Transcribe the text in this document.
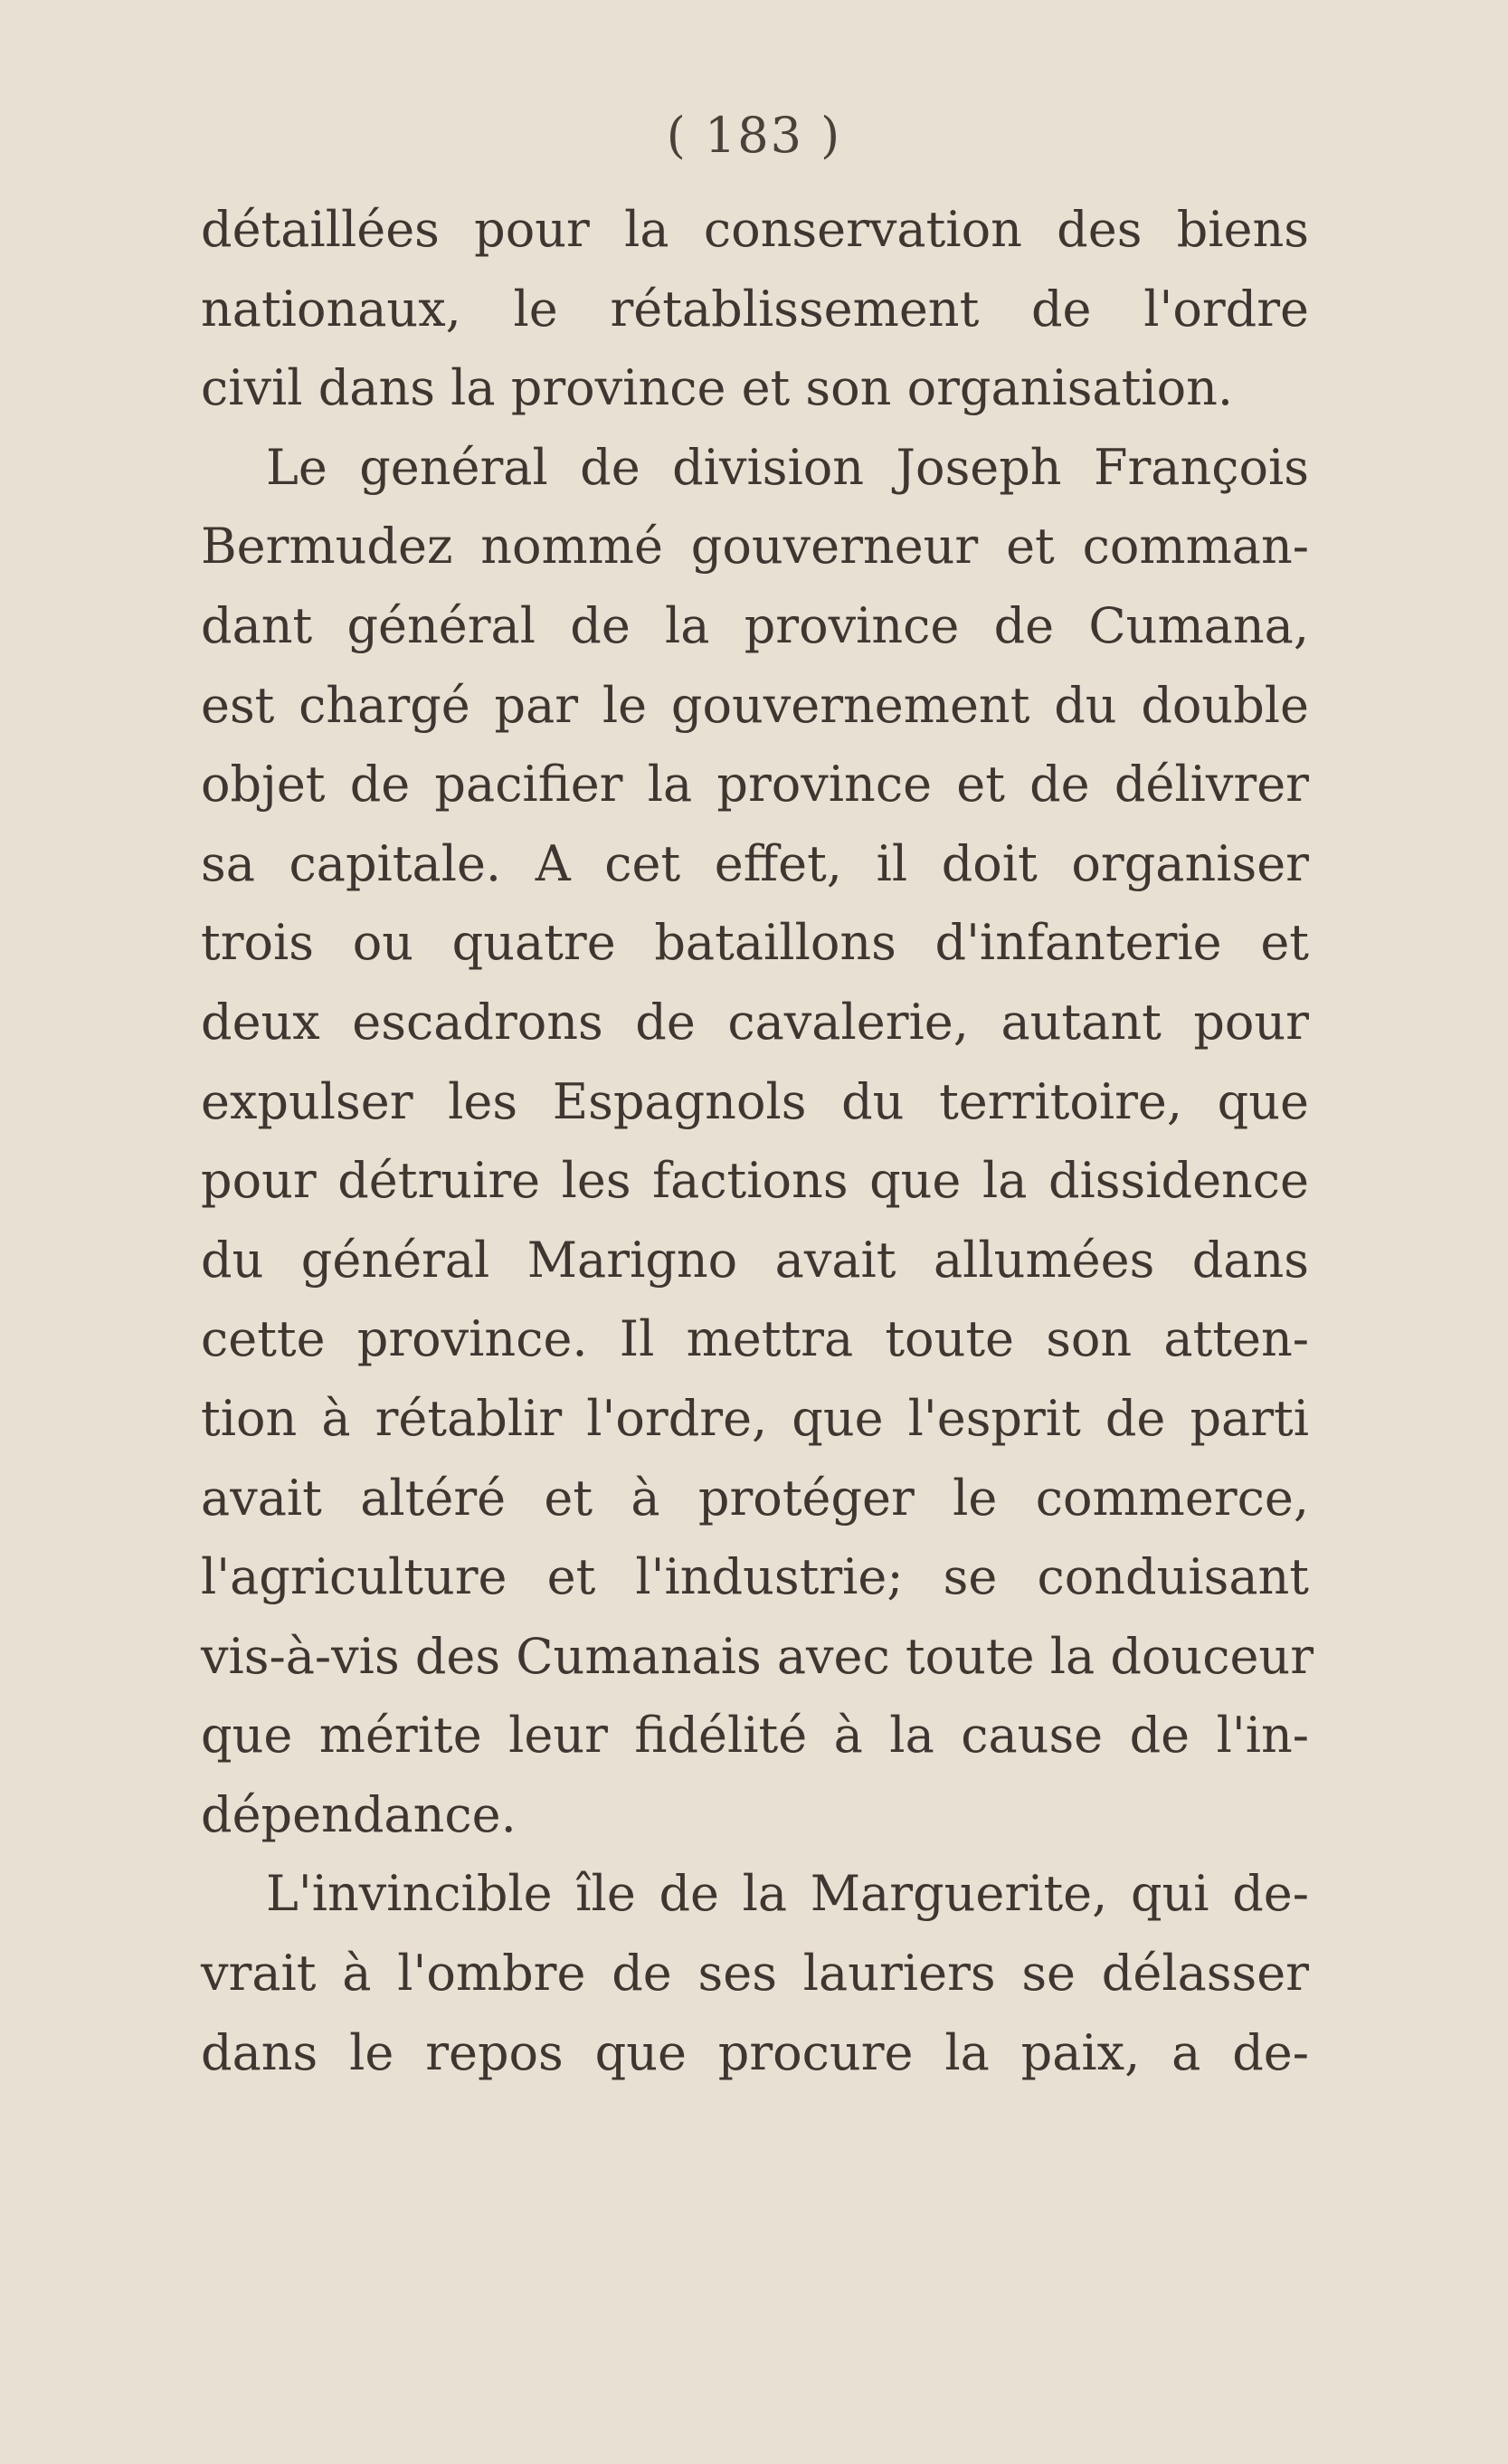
( 183 )
détaillées pour la conservation des biens
nationaux, le rétablissement de l'ordre
civil dans la province et son organisation.
Le genéral de division Joseph François
Bermudez nommé gouverneur et comman-
dant général de la province de Cumana,
est chargé par le gouvernement du double
objet de pacifier la province et de délivrer
sa capitale. A cet effet, il doit organiser
trois ou quatre bataillons d'infanterie et
deux escadrons de cavalerie, autant pour
expulser les Espagnols du territoire, que
pour détruire les factions que la dissidence
du général Marigno avait allumées dans
cette province. Il mettra toute son atten-
tion à rétablir l'ordre, que l'esprit de parti
avait altéré et à protéger le commerce,
l'agriculture et l'industrie; se conduisant
vis-à-vis des Cumanais avec toute la douceur
que mérite leur fidélité à la cause de l'in-
dépendance.
L'invincible île de la Marguerite, qui de-
vrait à l'ombre de ses lauriers se délasser
dans le repos que procure la paix, a de-
